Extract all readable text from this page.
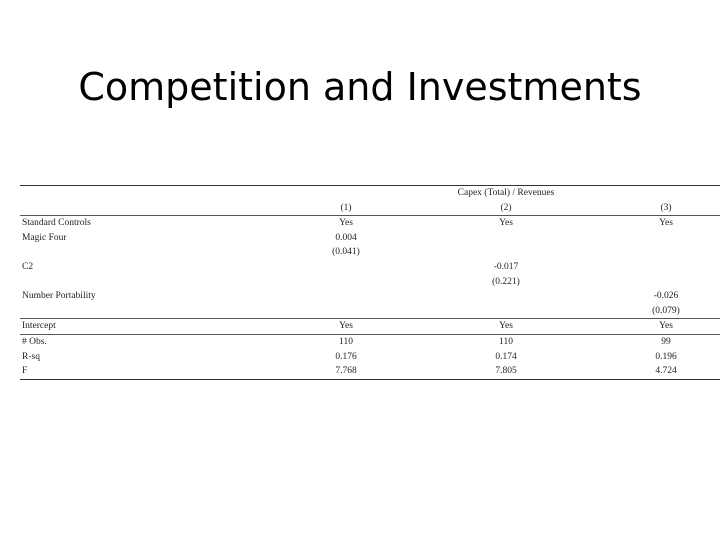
Competition and Investments
	Capex (Total) / Revenues		
	(1)	(2)	(3)
Standard Controls	Yes	Yes	Yes
Magic Four	0.004		
	(0.041)		
C2		-0.017	
		(0.221)	
Number Portability			-0.026
			(0.079)
Intercept	Yes	Yes	Yes
# Obs.	110	110	99
R-sq	0.176	0.174	0.196
F	7.768	7.805	4.724
